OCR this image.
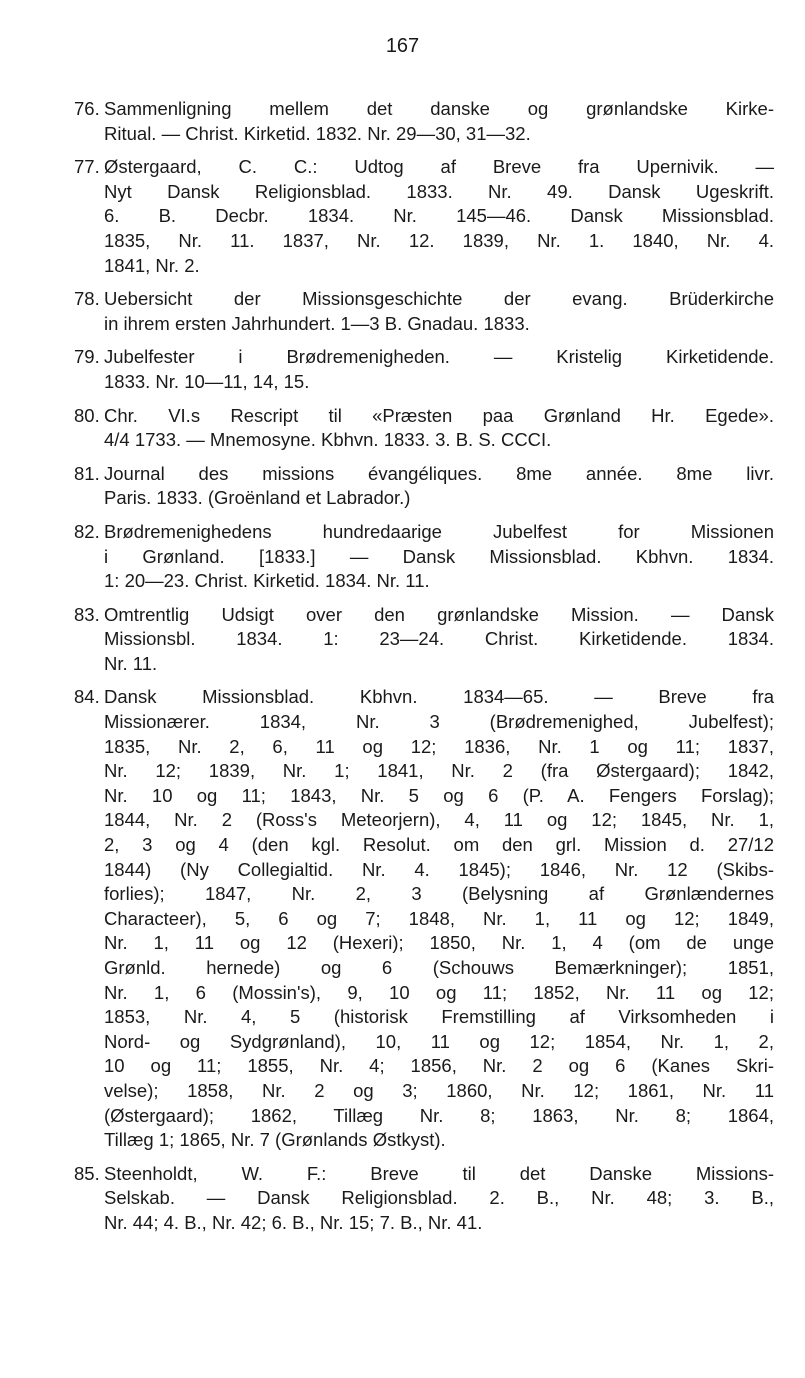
167
76. Sammenligning mellem det danske og grønlandske Kirke-
Ritual. — Christ. Kirketid. 1832. Nr. 29—30, 31—32.
77. Østergaard, C. C.: Udtog af Breve fra Upernivik. —
Nyt Dansk Religionsblad. 1833. Nr. 49. Dansk Ugeskrift.
6. B. Decbr. 1834. Nr. 145—46. Dansk Missionsblad.
1835, Nr. 11. 1837, Nr. 12. 1839, Nr. 1. 1840, Nr. 4.
1841, Nr. 2.
78. Uebersicht der Missionsgeschichte der evang. Brüderkirche
in ihrem ersten Jahrhundert. 1—3 B. Gnadau. 1833.
79. Jubelfester i Brødremenigheden. — Kristelig Kirketidende.
1833. Nr. 10—11, 14, 15.
80. Chr. VI.s Rescript til «Præsten paa Grønland Hr. Egede».
4/4 1733. — Mnemosyne. Kbhvn. 1833. 3. B. S. CCCI.
81. Journal des missions évangéliques. 8me année. 8me livr.
Paris. 1833. (Groënland et Labrador.)
82. Brødremenighedens hundredaarige Jubelfest for Missionen
i Grønland. [1833.] — Dansk Missionsblad. Kbhvn. 1834.
1: 20—23. Christ. Kirketid. 1834. Nr. 11.
83. Omtrentlig Udsigt over den grønlandske Mission. — Dansk
Missionsbl. 1834. 1: 23—24. Christ. Kirketidende. 1834.
Nr. 11.
84. Dansk Missionsblad. Kbhvn. 1834—65. — Breve fra
Missionærer. 1834, Nr. 3 (Brødremenighed, Jubelfest);
1835, Nr. 2, 6, 11 og 12; 1836, Nr. 1 og 11; 1837,
Nr. 12; 1839, Nr. 1; 1841, Nr. 2 (fra Østergaard); 1842,
Nr. 10 og 11; 1843, Nr. 5 og 6 (P. A. Fengers Forslag);
1844, Nr. 2 (Ross's Meteorjern), 4, 11 og 12; 1845, Nr. 1,
2, 3 og 4 (den kgl. Resolut. om den grl. Mission d. 27/12
1844) (Ny Collegialtid. Nr. 4. 1845); 1846, Nr. 12 (Skibs-
forlies); 1847, Nr. 2, 3 (Belysning af Grønlændernes
Characteer), 5, 6 og 7; 1848, Nr. 1, 11 og 12; 1849,
Nr. 1, 11 og 12 (Hexeri); 1850, Nr. 1, 4 (om de unge
Grønld. hernede) og 6 (Schouws Bemærkninger); 1851,
Nr. 1, 6 (Mossin's), 9, 10 og 11; 1852, Nr. 11 og 12;
1853, Nr. 4, 5 (historisk Fremstilling af Virksomheden i
Nord- og Sydgrønland), 10, 11 og 12; 1854, Nr. 1, 2,
10 og 11; 1855, Nr. 4; 1856, Nr. 2 og 6 (Kanes Skri-
velse); 1858, Nr. 2 og 3; 1860, Nr. 12; 1861, Nr. 11
(Østergaard); 1862, Tillæg Nr. 8; 1863, Nr. 8; 1864,
Tillæg 1; 1865, Nr. 7 (Grønlands Østkyst).
85. Steenholdt, W. F.: Breve til det Danske Missions-
Selskab. — Dansk Religionsblad. 2. B., Nr. 48; 3. B.,
Nr. 44; 4. B., Nr. 42; 6. B., Nr. 15; 7. B., Nr. 41.
